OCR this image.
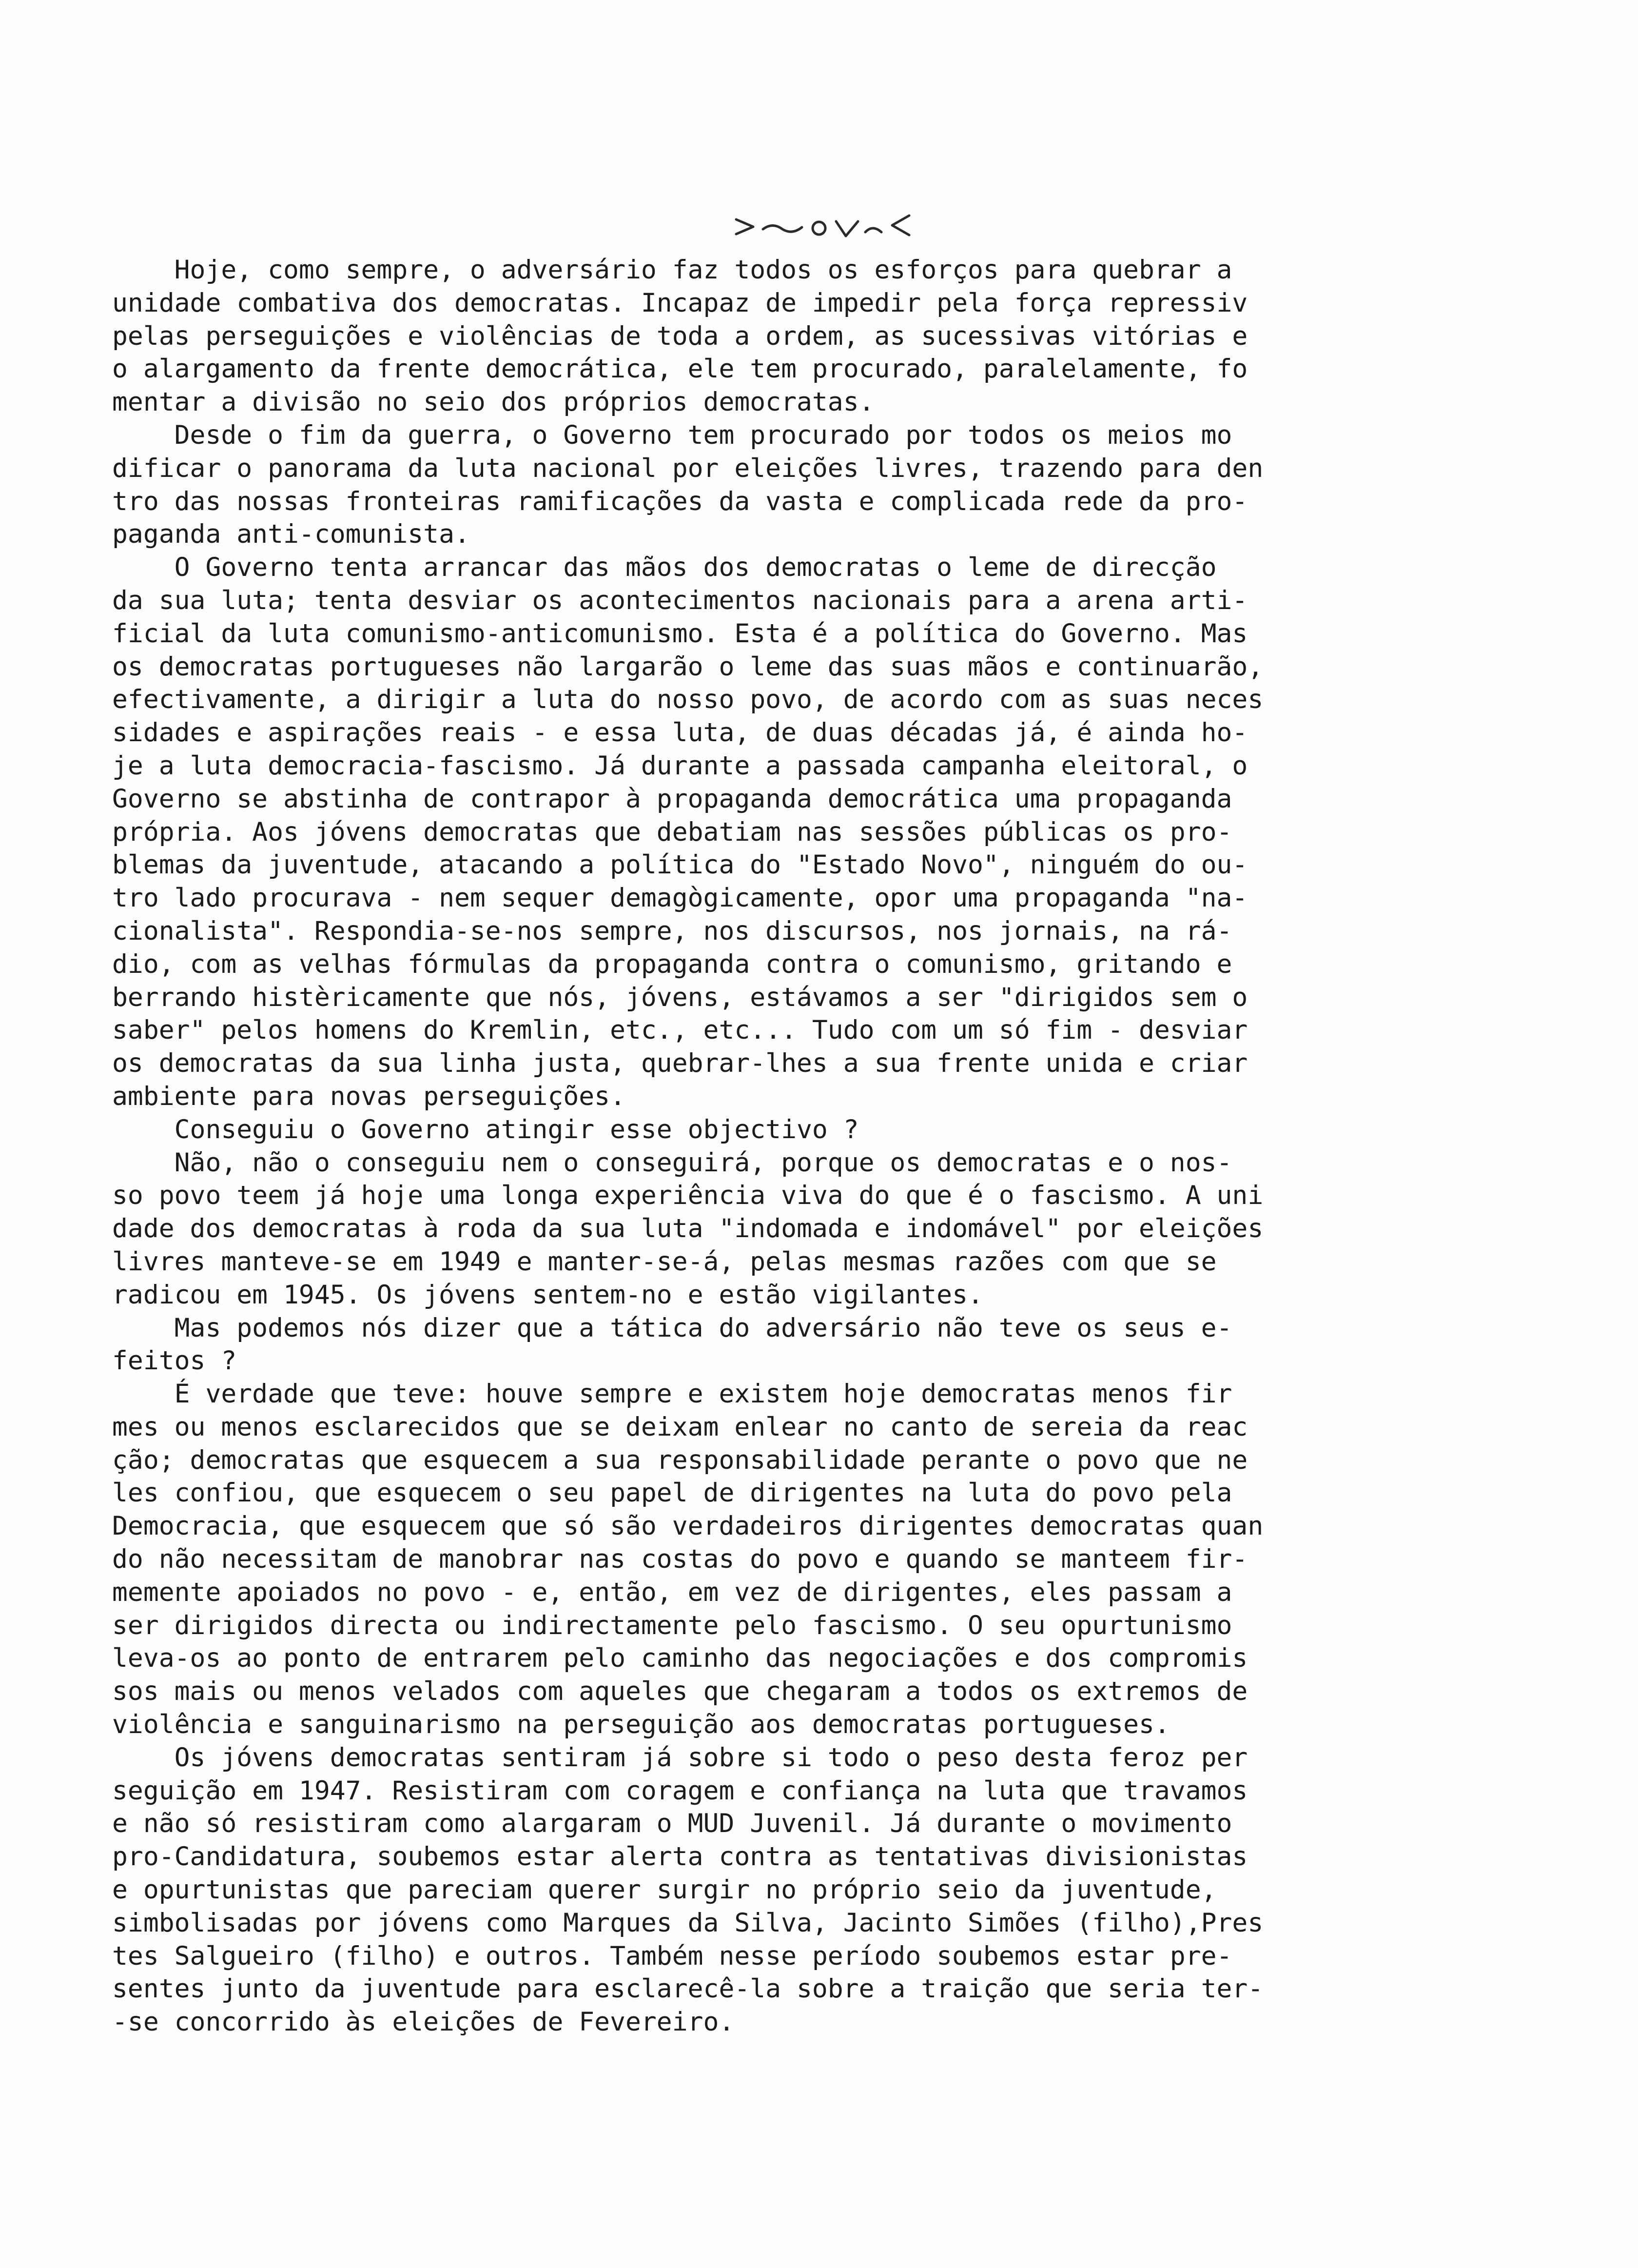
Hoje, como sempre, o adversário faz todos os esforços para quebrar a
unidade combativa dos democratas. Incapaz de impedir pela força repressiv
pelas perseguições e violências de toda a ordem, as sucessivas vitórias e
o alargamento da frente democrática, ele tem procurado, paralelamente, fo
mentar a divisão no seio dos próprios democratas.
Desde o fim da guerra, o Governo tem procurado por todos os meios mo
dificar o panorama da luta nacional por eleições livres, trazendo para den
tro das nossas fronteiras ramificações da vasta e complicada rede da pro-
paganda anti-comunista.
O Governo tenta arrancar das mãos dos democratas o leme de direcção
da sua luta; tenta desviar os acontecimentos nacionais para a arena arti-
ficial da luta comunismo-anticomunismo. Esta é a política do Governo. Mas
os democratas portugueses não largarão o leme das suas mãos e continuarão,
efectivamente, a dirigir a luta do nosso povo, de acordo com as suas neces
sidades e aspirações reais - e essa luta, de duas décadas já, é ainda ho-
je a luta democracia-fascismo. Já durante a passada campanha eleitoral, o
Governo se abstinha de contrapor à propaganda democrática uma propaganda
própria. Aos jóvens democratas que debatiam nas sessões públicas os pro-
blemas da juventude, atacando a política do "Estado Novo", ninguém do ou-
tro lado procurava - nem sequer demagògicamente, opor uma propaganda "na-
cionalista". Respondia-se-nos sempre, nos discursos, nos jornais, na rá-
dio, com as velhas fórmulas da propaganda contra o comunismo, gritando e
berrando histèricamente que nós, jóvens, estávamos a ser "dirigidos sem o
saber" pelos homens do Kremlin, etc., etc... Tudo com um só fim - desviar
os democratas da sua linha justa, quebrar-lhes a sua frente unida e criar
ambiente para novas perseguições.
Conseguiu o Governo atingir esse objectivo ?
Não, não o conseguiu nem o conseguirá, porque os democratas e o nos-
so povo teem já hoje uma longa experiência viva do que é o fascismo. A uni
dade dos democratas à roda da sua luta "indomada e indomável" por eleições
livres manteve-se em 1949 e manter-se-á, pelas mesmas razões com que se
radicou em 1945. Os jóvens sentem-no e estão vigilantes.
Mas podemos nós dizer que a tática do adversário não teve os seus e-
feitos ?
É verdade que teve: houve sempre e existem hoje democratas menos fir
mes ou menos esclarecidos que se deixam enlear no canto de sereia da reac
ção; democratas que esquecem a sua responsabilidade perante o povo que ne
les confiou, que esquecem o seu papel de dirigentes na luta do povo pela
Democracia, que esquecem que só são verdadeiros dirigentes democratas quan
do não necessitam de manobrar nas costas do povo e quando se manteem fir-
memente apoiados no povo - e, então, em vez de dirigentes, eles passam a
ser dirigidos directa ou indirectamente pelo fascismo. O seu opurtunismo
leva-os ao ponto de entrarem pelo caminho das negociações e dos compromis
sos mais ou menos velados com aqueles que chegaram a todos os extremos de
violência e sanguinarismo na perseguição aos democratas portugueses.
Os jóvens democratas sentiram já sobre si todo o peso desta feroz per
seguição em 1947. Resistiram com coragem e confiança na luta que travamos
e não só resistiram como alargaram o MUD Juvenil. Já durante o movimento
pro-Candidatura, soubemos estar alerta contra as tentativas divisionistas
e opurtunistas que pareciam querer surgir no próprio seio da juventude,
simbolisadas por jóvens como Marques da Silva, Jacinto Simões (filho),Pres
tes Salgueiro (filho) e outros. Também nesse período soubemos estar pre-
sentes junto da juventude para esclarecê-la sobre a traição que seria ter-
-se concorrido às eleições de Fevereiro.
